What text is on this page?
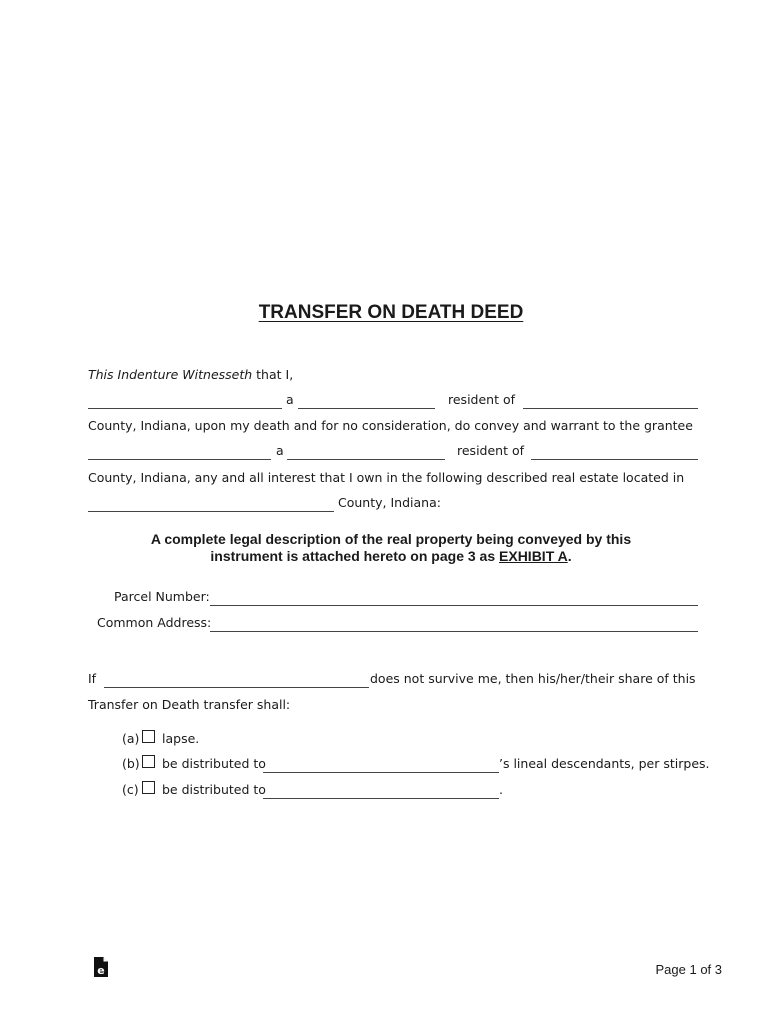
TRANSFER ON DEATH DEED
This Indenture Witnesseth that I,
a	resident of
County, Indiana, upon my death and for no consideration, do convey and warrant to the grantee
a	resident of
County, Indiana, any and all interest that I own in the following described real estate located in
County, Indiana:
A complete legal description of the real property being conveyed by this
instrument is attached hereto on page 3 as EXHIBIT A.
Parcel Number:
Common Address:
If	does not survive me, then his/her/their share of this
Transfer on Death transfer shall:
(a) lapse.
(b) be distributed to	’s lineal descendants, per stirpes.
(c) be distributed to	.
e	Page 1 of 3
